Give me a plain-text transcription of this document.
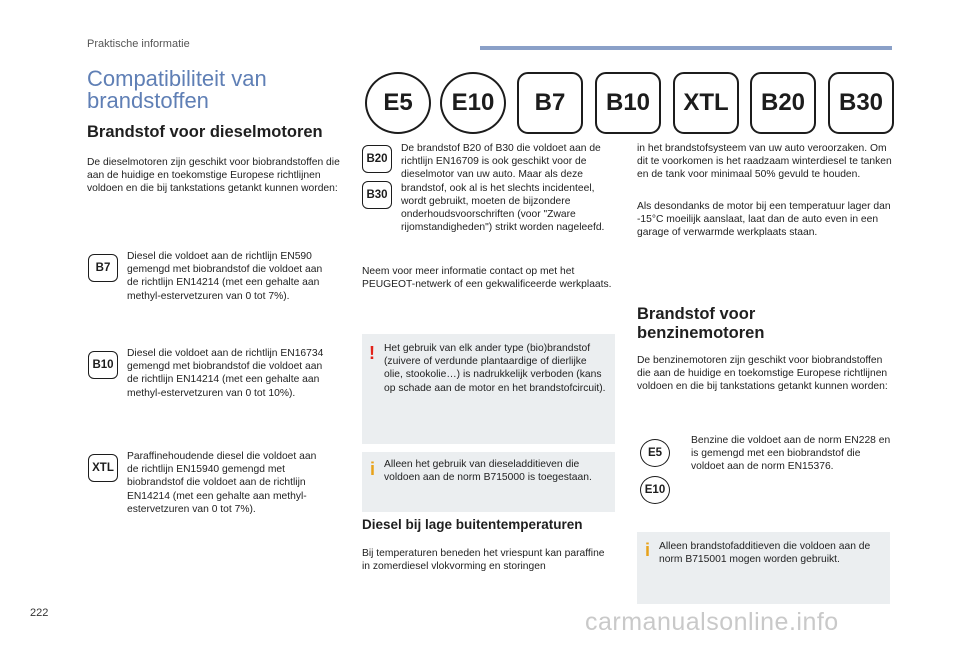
Praktische informatie
Compatibiliteit van brandstoffen	E5	E10	B7	B10	XTL	B20	B30
Brandstof voor dieselmotoren
De dieselmotoren zijn geschikt voor biobrandstoffen die aan de huidige en toekomstige Europese richtlijnen voldoen en die bij tankstations getankt kunnen worden:
B7
Diesel die voldoet aan de richtlijn EN590 gemengd met biobrandstof die voldoet aan de richtlijn EN14214 (met een gehalte aan methyl-estervetzuren van 0 tot 7%).
B10
Diesel die voldoet aan de richtlijn EN16734 gemengd met biobrandstof die voldoet aan de richtlijn EN14214 (met een gehalte aan methyl-estervetzuren van 0 tot 10%).
XTL
Paraffinehoudende diesel die voldoet aan de richtlijn EN15940 gemengd met biobrandstof die voldoet aan de richtlijn EN14214 (met een gehalte aan methyl-estervetzuren van 0 tot 7%).
B20
B30
De brandstof B20 of B30 die voldoet aan de richtlijn EN16709 is ook geschikt voor de dieselmotor van uw auto. Maar als deze brandstof, ook al is het slechts incidenteel, wordt gebruikt, moeten de bijzondere onderhoudsvoorschriften (voor "Zware rijomstandigheden") strikt worden nageleefd.
Neem voor meer informatie contact op met het PEUGEOT-netwerk of een gekwalificeerde werkplaats.
! Het gebruik van elk ander type (bio)brandstof (zuivere of verdunde plantaardige of dierlijke olie, stookolie…) is nadrukkelijk verboden (kans op schade aan de motor en het brandstofcircuit).
i Alleen het gebruik van dieseladditieven die voldoen aan de norm B715000 is toegestaan.
Diesel bij lage buitentemperaturen
Bij temperaturen beneden het vriespunt kan paraffine in zomerdiesel vlokvorming en storingen
in het brandstofsysteem van uw auto veroorzaken. Om dit te voorkomen is het raadzaam winterdiesel te tanken en de tank voor minimaal 50% gevuld te houden.
Als desondanks de motor bij een temperatuur lager dan -15°C moeilijk aanslaat, laat dan de auto even in een garage of verwarmde werkplaats staan.
Brandstof voor benzinemotoren
De benzinemotoren zijn geschikt voor biobrandstoffen die aan de huidige en toekomstige Europese richtlijnen voldoen en die bij tankstations getankt kunnen worden:
E5
E10
Benzine die voldoet aan de norm EN228 en is gemengd met een biobrandstof die voldoet aan de norm EN15376.
i Alleen brandstofadditieven die voldoen aan de norm B715001 mogen worden gebruikt.
222	carmanualsonline.info
